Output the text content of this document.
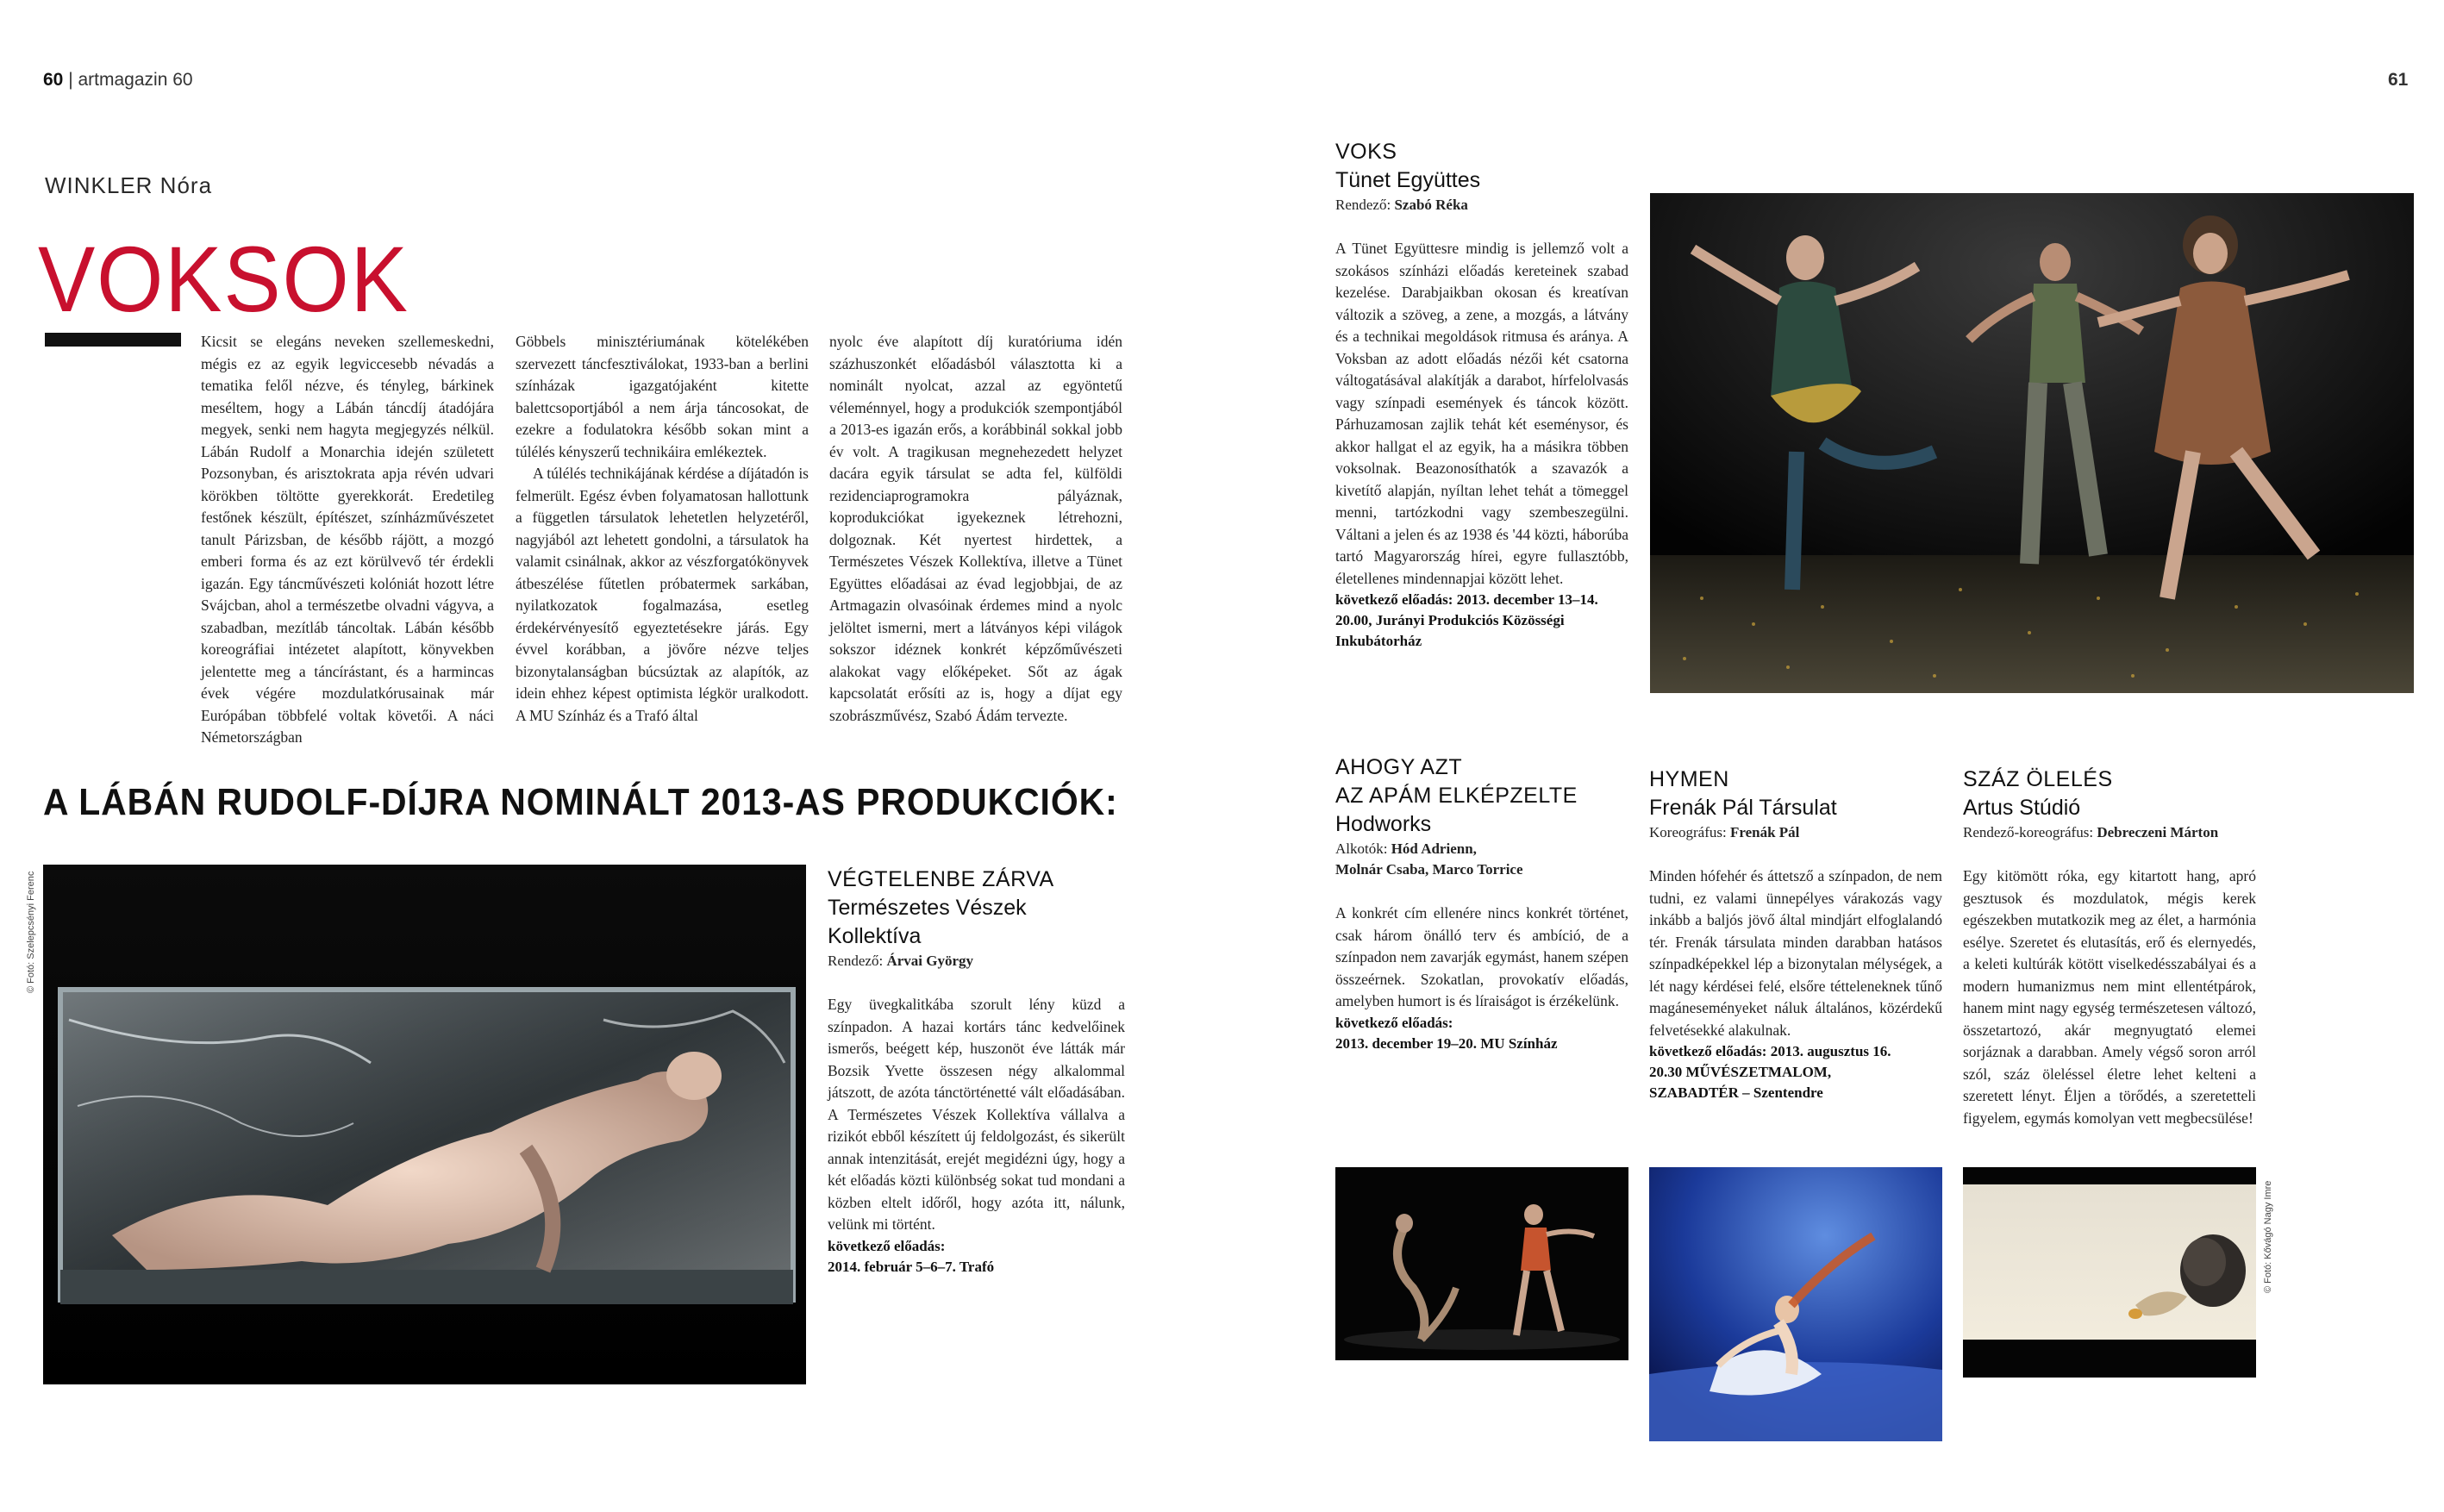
60 | artmagazin 60	61
WINKLER Nóra
VOKSOK

Kicsit se elegáns neveken szellemeskedni, mégis ez az egyik legviccesebb névadás a tematika felől nézve, és tényleg, bárkinek meséltem, hogy a Lábán táncdíj átadójára megyek, senki nem hagyta megjegyzés nélkül. Lábán Rudolf a Monarchia idején született Pozsonyban, és arisztokrata apja révén udvari körökben töltötte gyerekkorát. Eredetileg festőnek készült, építészet, színházművészetet tanult Párizsban, de később rájött, a mozgó emberi forma és az ezt körülvevő tér érdekli igazán. Egy táncművészeti kolóniát hozott létre Svájcban, ahol a természetbe olvadni vágyva, a szabadban, mezítláb táncoltak. Lábán később koreográfiai intézetet alapított, könyvekben jelentette meg a táncírástant, és a harmincas évek végére mozdulatkórusainak már Európában többfelé voltak követői. A náci Németországban

Göbbels minisztériumának kötelékében szervezett táncfesztiválokat, 1933-ban a berlini színházak igazgatójaként kitette balettcsoportjából a nem árja táncosokat, de ezekre a fodulatokra később sokan mint a túlélés kényszerű technikáira emlékeztek.

A túlélés technikájának kérdése a díjátadón is felmerült. Egész évben folyamatosan hallottunk a független társulatok lehetetlen helyzetéről, nagyjából azt lehetett gondolni, a társulatok ha valamit csinálnak, akkor az vészforgatókönyvek átbeszélése fűtetlen próbatermek sarkában, nyilatkozatok fogalmazása, esetleg érdekérvényesítő egyeztetésekre járás. Egy évvel korábban, a jövőre nézve teljes bizonytalanságban búcsúztak az alapítók, az idein ehhez képest optimista légkör uralkodott. A MU Színház és a Trafó által

nyolc éve alapított díj kuratóriuma idén százhuszonkét előadásból választotta ki a nominált nyolcat, azzal az egyöntetű véleménnyel, hogy a produkciók szempontjából a 2013-es igazán erős, a korábbinál sokkal jobb év volt. A tragikusan megnehezedett helyzet dacára egyik társulat se adta fel, külföldi rezidenciaprogramokra pályáznak, koprodukciókat igyekeznek létrehozni, dolgoznak. Két nyertest hirdettek, a Természetes Vészek Kollektíva, illetve a Tünet Együttes előadásai az évad legjobbjai, de az Artmagazin olvasóinak érdemes mind a nyolc jelöltet ismerni, mert a látványos képi világok sokszor idéznek konkrét képzőművészeti alakokat vagy előképeket. Sőt az ágak kapcsolatát erősíti az is, hogy a díjat egy szobrászművész, Szabó Ádám tervezte.

A LÁBÁN RUDOLF-DÍJRA NOMINÁLT 2013-AS PRODUKCIÓK:
© Fotó: Szelepcsényi Ferenc	VÉGTELENBE ZÁRVA
Természetes Vészek
Kollektíva
Rendező: Árvai György
Egy üvegkalitkába szorult lény küzd a színpadon. A hazai kortárs tánc kedvelőinek ismerős, beégett kép, huszonöt éve látták már Bozsik Yvette összesen négy alkalommal játszott, de azóta tánctörténetté vált előadásában. A Természetes Vészek Kollektíva vállalva a rizikót ebből készített új feldolgozást, és sikerült annak intenzitását, erejét megidézni úgy, hogy a két előadás közti különbség sokat tud mondani a közben eltelt időről, hogy azóta itt, nálunk, velünk mi történt.
következő előadás:
2014. február 5–6–7. Trafó
VOKS
Tünet Együttes
Rendező: Szabó Réka
A Tünet Együttesre mindig is jellemző volt a szokásos színházi előadás kereteinek szabad kezelése. Darabjaikban okosan és kreatívan változik a szöveg, a zene, a mozgás, a látvány és a technikai megoldások ritmusa és aránya. A Voksban az adott előadás nézői két csatorna váltogatásával alakítják a darabot, hírfelolvasás vagy színpadi események és táncok között. Párhuzamosan zajlik tehát két eseménysor, és akkor hallgat el az egyik, ha a másikra többen voksolnak. Beazonosíthatók a szavazók a kivetítő alapján, nyíltan lehet tehát a tömeggel menni, tartózkodni vagy szembeszegülni. Váltani a jelen és az 1938 és '44 közti, háborúba tartó Magyarország hírei, egyre fullasztóbb, életellenes mindennapjai között lehet.
következő előadás: 2013. december 13–14. 20.00, Jurányi Produkciós Közösségi Inkubátorház
AHOGY AZT
AZ APÁM ELKÉPZELTE
Hodworks
Alkotók: Hód Adrienn,
Molnár Csaba, Marco Torrice
A konkrét cím ellenére nincs konkrét történet, csak három önálló terv és ambíció, de a színpadon nem zavarják egymást, hanem szépen összeérnek. Szokatlan, provokatív előadás, amelyben humort is és líraiságot is érzékelünk.
következő előadás:
2013. december 19–20. MU Színház
HYMEN
Frenák Pál Társulat
Koreográfus: Frenák Pál
Minden hófehér és áttetsző a színpadon, de nem tudni, ez valami ünnepélyes várakozás vagy inkább a baljós jövő által mindjárt elfoglalandó tér. Frenák társulata minden darabban hatásos színpadképekkel lép a bizonytalan mélységek, a lét nagy kérdései felé, elsőre tétteleneknek tűnő magáneseményeket náluk általános, közérdekű felvetésekké alakulnak.
következő előadás: 2013. augusztus 16.
20.30 MŰVÉSZETMALOM,
SZABADTÉR – Szentendre
SZÁZ ÖLELÉS
Artus Stúdió
Rendező-koreográfus: Debreczeni Márton
Egy kitömött róka, egy kitartott hang, apró gesztusok és mozdulatok, mégis kerek egészekben mutatkozik meg az élet, a harmónia esélye. Szeretet és elutasítás, erő és elernyedés, a keleti kultúrák kötött viselkedésszabályai és a modern humanizmus nem mint ellentétpárok, hanem mint nagy egység természetesen változó, összetartozó, akár megnyugtató elemei sorjáznak a darabban. Amely végső soron arról szól, száz öleléssel életre lehet kelteni a szeretett lényt. Éljen a törődés, a szeretetteli figyelem, egymás komolyan vett megbecsülése!
© Fotó: Kővágó Nagy Imre
